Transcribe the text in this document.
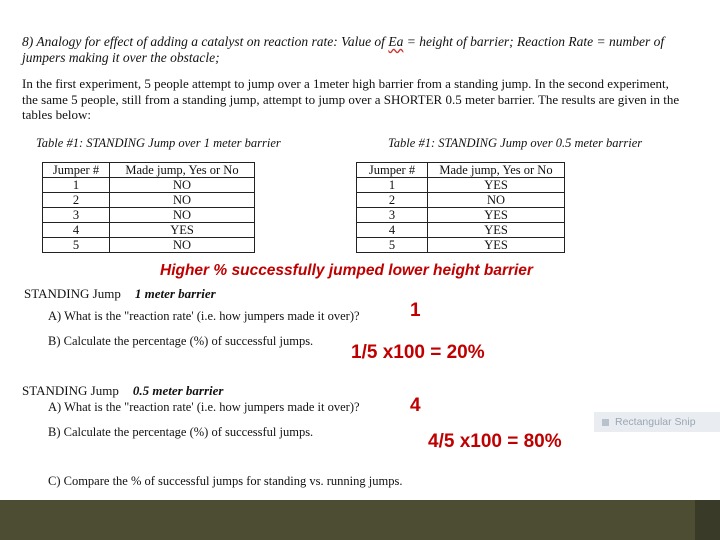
8) Analogy for effect of adding a catalyst on reaction rate: Value of Ea = height of barrier; Reaction Rate = number of jumpers making it over the obstacle;
In the first experiment, 5 people attempt to jump over a 1meter high barrier from a standing jump. In the second experiment, the same 5 people, still from a standing jump, attempt to jump over a SHORTER 0.5 meter barrier. The results are given in the tables below:
Table #1: STANDING Jump over 1 meter barrier	Table #1: STANDING Jump over 0.5 meter barrier
Jumper #	Made jump, Yes or No
1	NO
2	NO
3	NO
4	YES
5	NO
Jumper #	Made jump, Yes or No
1	YES
2	NO
3	YES
4	YES
5	YES
Higher % successfully jumped lower height barrier
STANDING Jump 1 meter barrier
A) What is the "reaction rate' (i.e. how jumpers made it over)?	1
B) Calculate the percentage (%) of successful jumps.
1/5 x100 = 20%
STANDING Jump 0.5 meter barrier
A) What is the "reaction rate' (i.e. how jumpers made it over)?	4
B) Calculate the percentage (%) of successful jumps.	4/5 x100 = 80%
C) Compare the % of successful jumps for standing vs. running jumps.
Rectangular Snip
